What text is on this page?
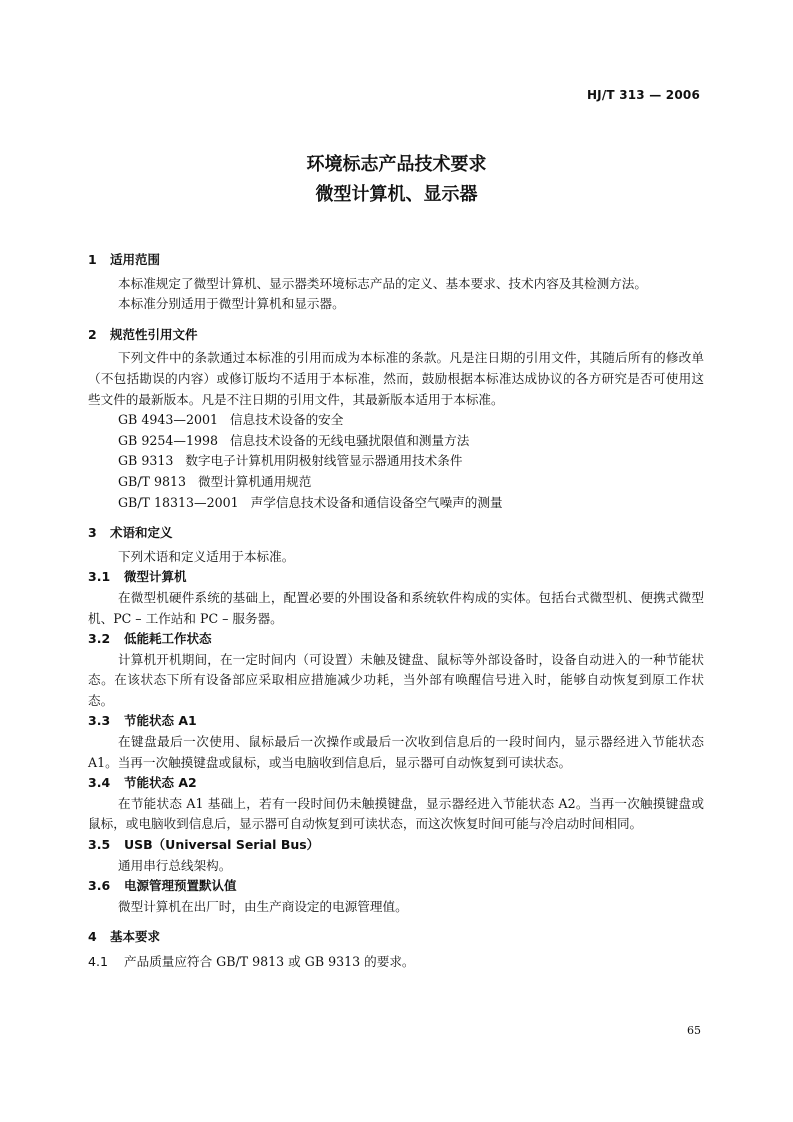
HJ/T 313 — 2006
环境标志产品技术要求
微型计算机、显示器
1 适用范围
本标准规定了微型计算机、显示器类环境标志产品的定义、基本要求、技术内容及其检测方法。
本标准分别适用于微型计算机和显示器。
2 规范性引用文件
下列文件中的条款通过本标准的引用而成为本标准的条款。凡是注日期的引用文件，其随后所有的修改单（不包括勘误的内容）或修订版均不适用于本标准，然而，鼓励根据本标准达成协议的各方研究是否可使用这些文件的最新版本。凡是不注日期的引用文件，其最新版本适用于本标准。
GB 4943—2001 信息技术设备的安全
GB 9254—1998 信息技术设备的无线电骚扰限值和测量方法
GB 9313 数字电子计算机用阴极射线管显示器通用技术条件
GB/T 9813 微型计算机通用规范
GB/T 18313—2001 声学信息技术设备和通信设备空气噪声的测量
3 术语和定义
下列术语和定义适用于本标准。
3.1 微型计算机
在微型机硬件系统的基础上，配置必要的外围设备和系统软件构成的实体。包括台式微型机、便携式微型机、PC – 工作站和 PC – 服务器。
3.2 低能耗工作状态
计算机开机期间，在一定时间内（可设置）未触及键盘、鼠标等外部设备时，设备自动进入的一种节能状态。在该状态下所有设备部应采取相应措施减少功耗，当外部有唤醒信号进入时，能够自动恢复到原工作状态。
3.3 节能状态 A1
在键盘最后一次使用、鼠标最后一次操作或最后一次收到信息后的一段时间内，显示器经进入节能状态 A1。当再一次触摸键盘或鼠标，或当电脑收到信息后，显示器可自动恢复到可读状态。
3.4 节能状态 A2
在节能状态 A1 基础上，若有一段时间仍未触摸键盘，显示器经进入节能状态 A2。当再一次触摸键盘或鼠标，或电脑收到信息后，显示器可自动恢复到可读状态，而这次恢复时间可能与冷启动时间相同。
3.5 USB（Universal Serial Bus）
通用串行总线架构。
3.6 电源管理预置默认值
微型计算机在出厂时，由生产商设定的电源管理值。
4 基本要求
4.1 产品质量应符合 GB/T 9813 或 GB 9313 的要求。
65
